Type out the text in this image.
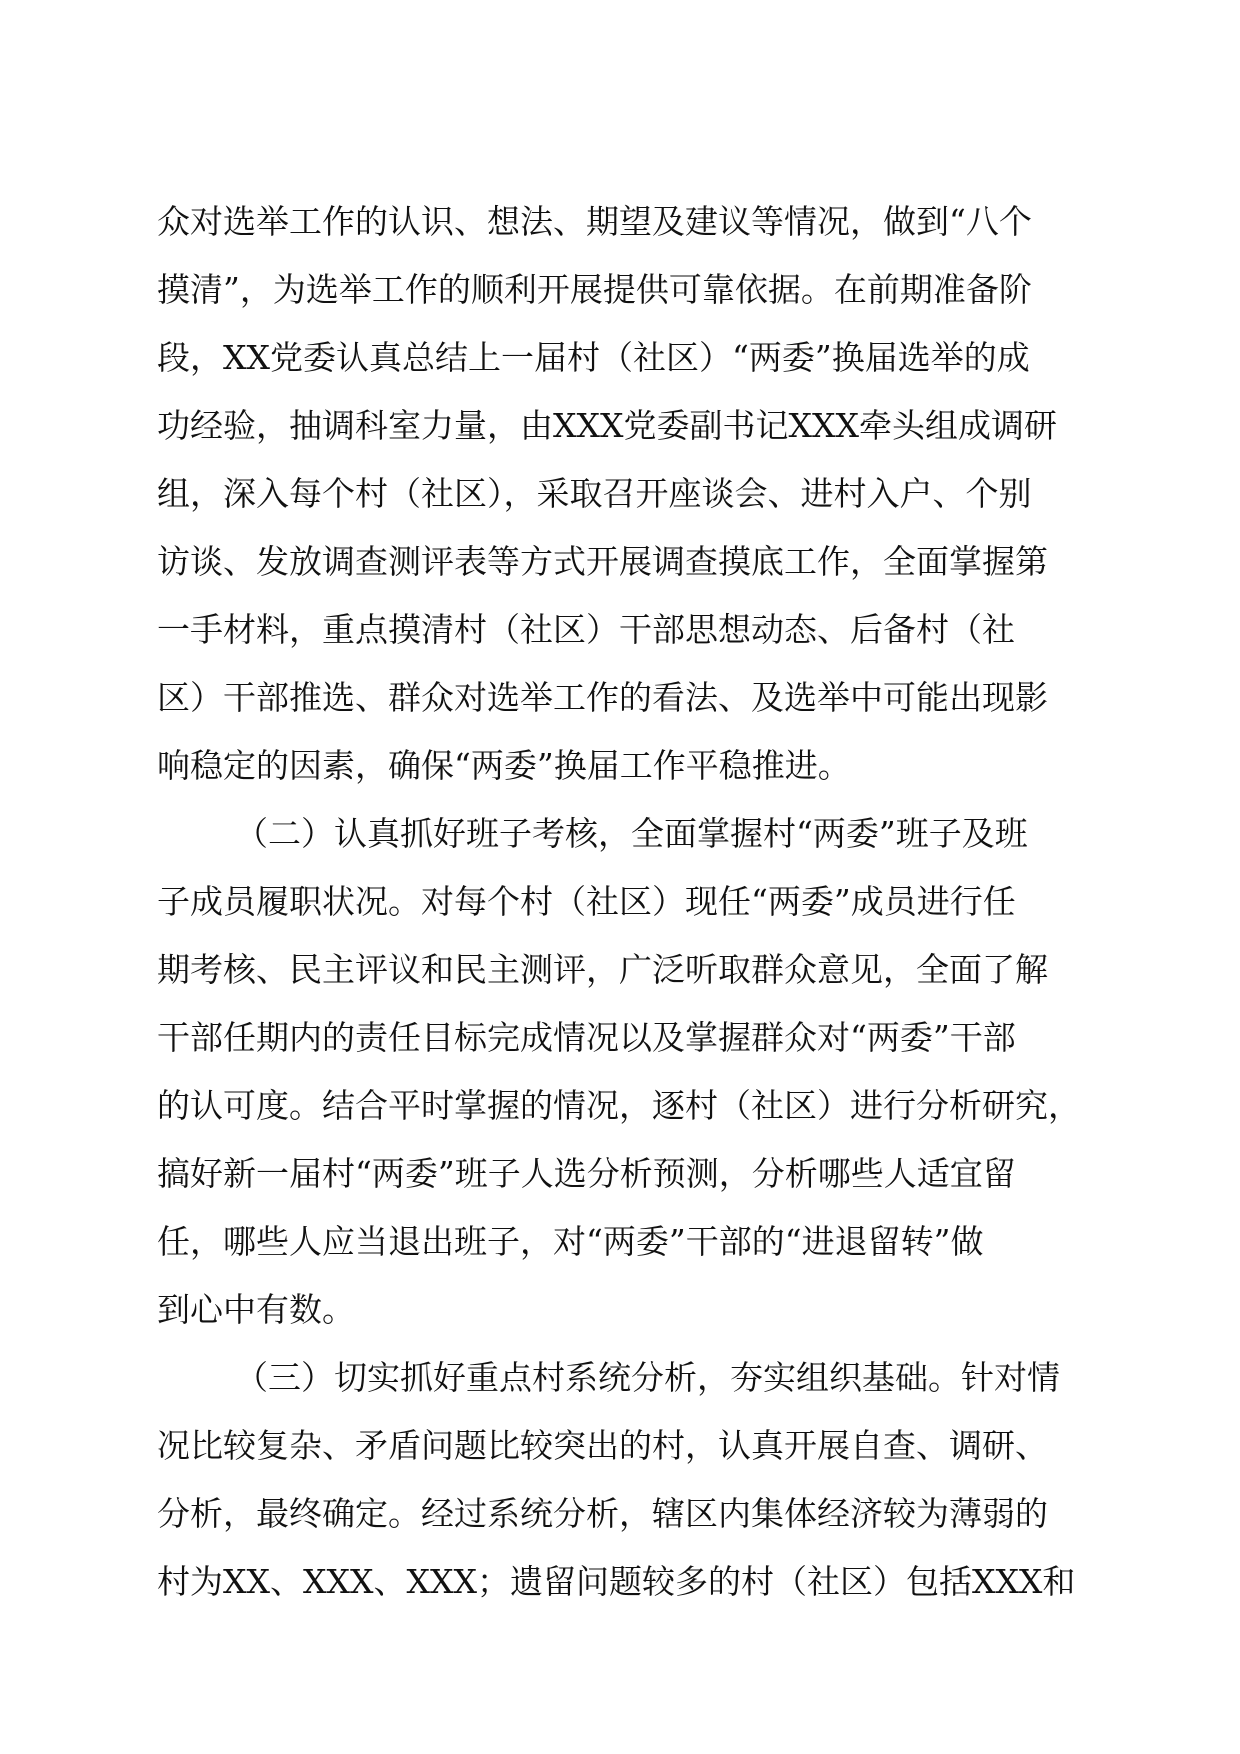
众对选举工作的认识、想法、期望及建议等情况，做到“八个

摸清”，为选举工作的顺利开展提供可靠依据。在前期准备阶

段，XX党委认真总结上一届村（社区）“两委”换届选举的成

功经验，抽调科室力量，由XXX党委副书记XXX牵头组成调研

组，深入每个村（社区），采取召开座谈会、进村入户、个别

访谈、发放调查测评表等方式开展调查摸底工作，全面掌握第

一手材料，重点摸清村（社区）干部思想动态、后备村（社

区）干部推选、群众对选举工作的看法、及选举中可能出现影

响稳定的因素，确保“两委”换届工作平稳推进。

（二）认真抓好班子考核，全面掌握村“两委”班子及班

子成员履职状况。对每个村（社区）现任“两委”成员进行任

期考核、民主评议和民主测评，广泛听取群众意见，全面了解

干部任期内的责任目标完成情况以及掌握群众对“两委”干部

的认可度。结合平时掌握的情况，逐村（社区）进行分析研究，

搞好新一届村“两委”班子人选分析预测，分析哪些人适宜留

任，哪些人应当退出班子，对“两委”干部的“进退留转”做

到心中有数。

（三）切实抓好重点村系统分析，夯实组织基础。针对情

况比较复杂、矛盾问题比较突出的村，认真开展自查、调研、

分析，最终确定。经过系统分析，辖区内集体经济较为薄弱的

村为XX、XXX、XXX；遗留问题较多的村（社区）包括XXX和
